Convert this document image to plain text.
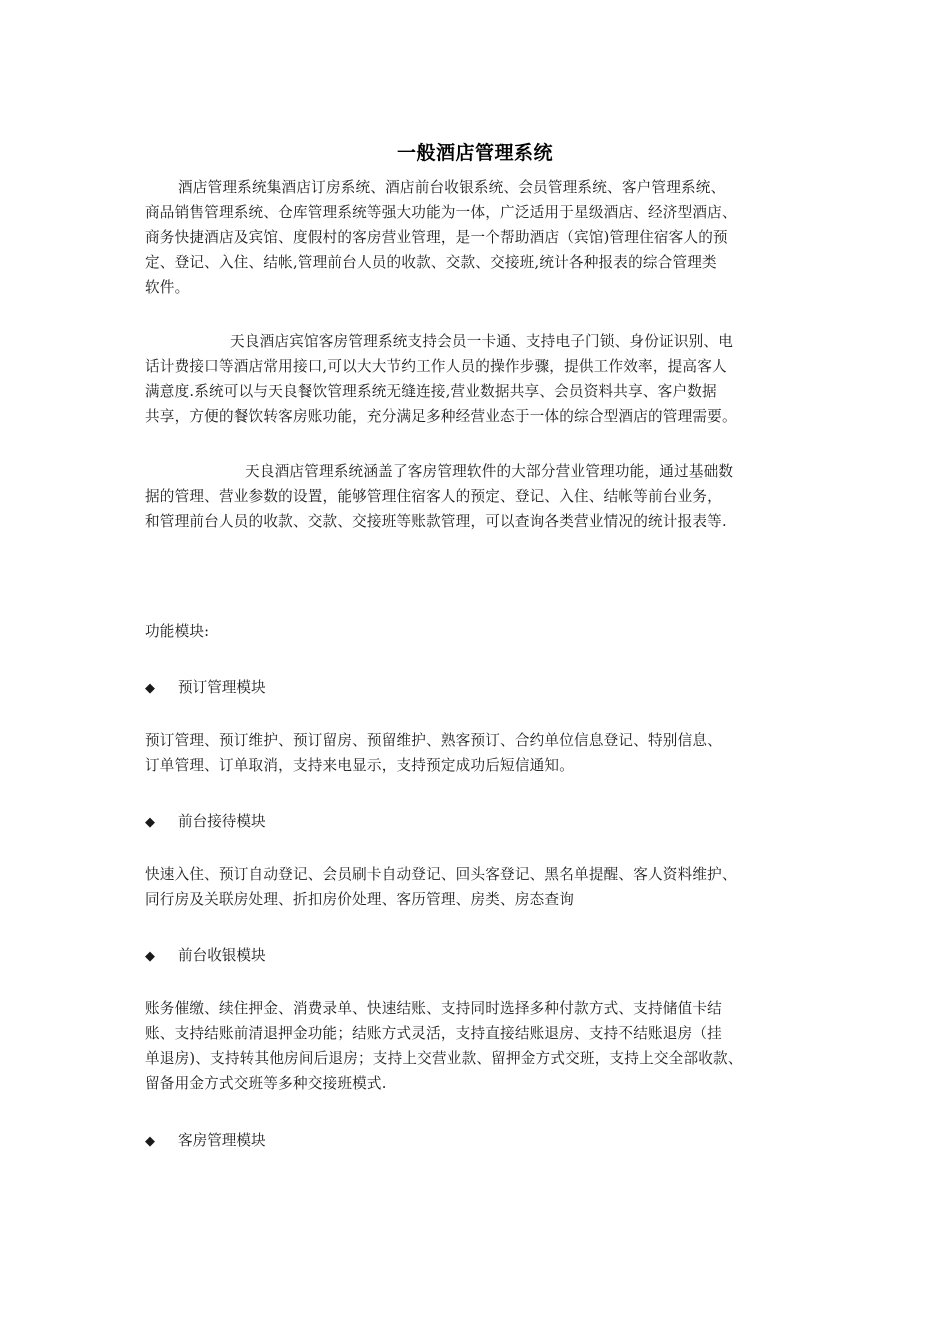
一般酒店管理系统
酒店管理系统集酒店订房系统、酒店前台收银系统、会员管理系统、客户管理系统、
商品销售管理系统、仓库管理系统等强大功能为一体，广泛适用于星级酒店、经济型酒店、
商务快捷酒店及宾馆、度假村的客房营业管理，是一个帮助酒店（宾馆)管理住宿客人的预
定、登记、入住、结帐,管理前台人员的收款、交款、交接班,统计各种报表的综合管理类
软件。
天良酒店宾馆客房管理系统支持会员一卡通、支持电子门锁、身份证识别、电
话计费接口等酒店常用接口,可以大大节约工作人员的操作步骤，提供工作效率，提高客人
满意度.系统可以与天良餐饮管理系统无缝连接,营业数据共享、会员资料共享、客户数据
共享，方便的餐饮转客房账功能，充分满足多种经营业态于一体的综合型酒店的管理需要。
天良酒店管理系统涵盖了客房管理软件的大部分营业管理功能，通过基础数
据的管理、营业参数的设置，能够管理住宿客人的预定、登记、入住、结帐等前台业务，
和管理前台人员的收款、交款、交接班等账款管理，可以查询各类营业情况的统计报表等.
功能模块:
◆ 预订管理模块
预订管理、预订维护、预订留房、预留维护、熟客预订、合约单位信息登记、特别信息、
订单管理、订单取消，支持来电显示，支持预定成功后短信通知。
◆ 前台接待模块
快速入住、预订自动登记、会员刷卡自动登记、回头客登记、黑名单提醒、客人资料维护、
同行房及关联房处理、折扣房价处理、客历管理、房类、房态查询
◆ 前台收银模块
账务催缴、续住押金、消费录单、快速结账、支持同时选择多种付款方式、支持储值卡结
账、支持结账前清退押金功能；结账方式灵活，支持直接结账退房、支持不结账退房（挂
单退房)、支持转其他房间后退房；支持上交营业款、留押金方式交班，支持上交全部收款、
留备用金方式交班等多种交接班模式.
◆ 客房管理模块
